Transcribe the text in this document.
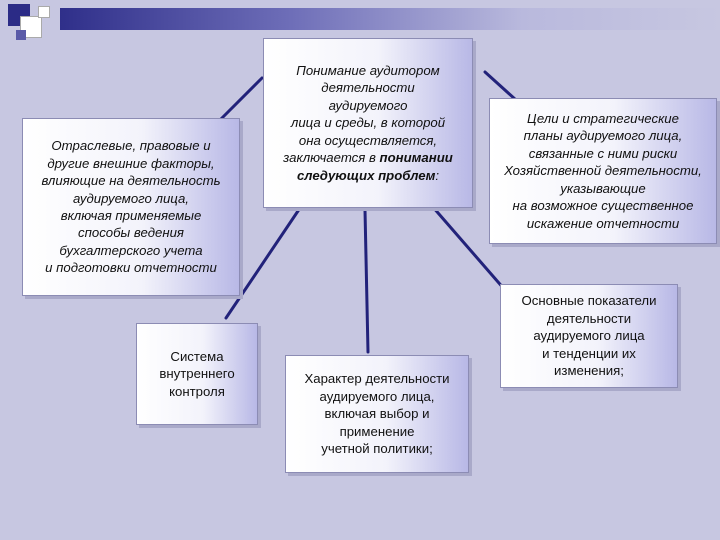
Понимание аудитором
деятельности
аудируемого
лица и среды, в которой
она осуществляется,
заключается в понимании
следующих проблем:
Отраслевые, правовые и
другие внешние факторы,
влияющие на деятельность
аудируемого лица,
включая применяемые
способы ведения
бухгалтерского учета
и подготовки отчетности
Система
внутреннего
контроля
Характер деятельности
аудируемого лица,
включая выбор и
применение
учетной политики;
Цели и стратегические
планы аудируемого лица,
связанные с ними риски
Хозяйственной деятельности,
указывающие
на возможное существенное
искажение отчетности
Основные показатели
деятельности
аудируемого лица
и тенденции их
изменения;
